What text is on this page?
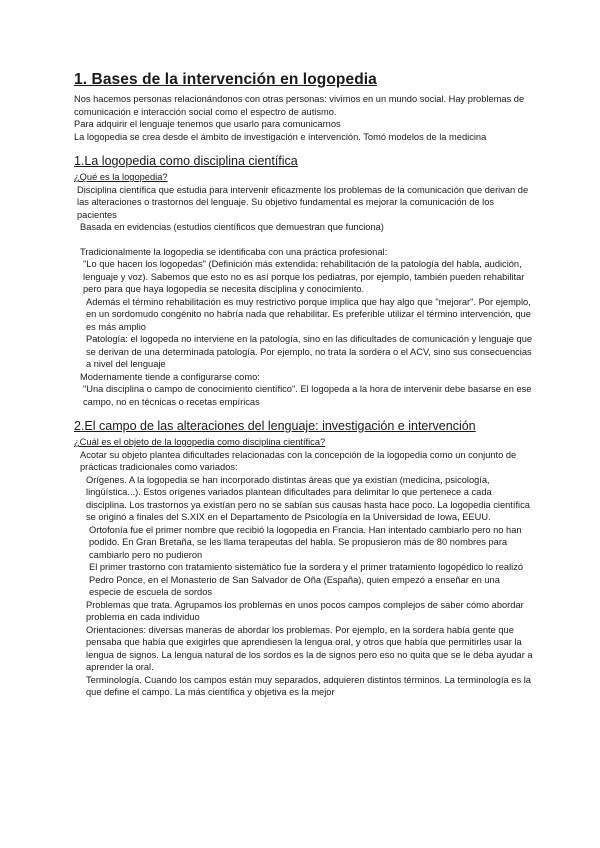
1. Bases de la intervención en logopedia

Nos hacemos personas relacionándonos con otras personas: vivimos en un mundo social. Hay problemas de comunicación e interacción social como el espectro de autismo.

Para adquirir el lenguaje tenemos que usarlo para comunicarnos

La logopedia se crea desde el ámbito de investigación e intervención. Tomó modelos de la medicina

1.La logopedia como disciplina científica

¿Qué es la logopedia?

Disciplina científica que estudia para intervenir eficazmente los problemas de la comunicación que derivan de las alteraciones o trastornos del lenguaje. Su objetivo fundamental es mejorar la comunicación de los pacientes

Basada en evidencias (estudios científicos que demuestran que funciona)

Tradicionalmente la logopedia se identificaba con una práctica profesional:

"Lo que hacen los logopedas" (Definición más extendida: rehabilitación de la patología del habla, audición, lenguaje y voz). Sabemos que esto no es así porque los pediatras, por ejemplo, también pueden rehabilitar pero para que haya logopedia se necesita disciplina y conocimiento.

Además el término rehabilitación es muy restrictivo porque implica que hay algo que "mejorar". Por ejemplo, en un sordomudo congénito no habría nada que rehabilitar. Es preferible utilizar el término intervención, que es más amplio

Patología: el logopeda no interviene en la patología, sino en las dificultades de comunicación y lenguaje que se derivan de una determinada patología. Por ejemplo, no trata la sordera o el ACV, sino sus consecuencias a nivel del lenguaje

Modernamente tiende a configurarse como:

"Una disciplina o campo de conocimiento científico". El logopeda a la hora de intervenir debe basarse en ese campo, no en técnicas o recetas empíricas

2.El campo de las alteraciones del lenguaje: investigación e intervención

¿Cuál es el objeto de la logopedia como disciplina científica?

Acotar su objeto plantea dificultades relacionadas con la concepción de la logopedia como un conjunto de prácticas tradicionales como variados:

Orígenes. A la logopedia se han incorporado distintas áreas que ya existían (medicina, psicología, lingüística...). Estos orígenes variados plantean dificultades para delimitar lo que pertenece a cada disciplina. Los trastornos ya existían pero no se sabían sus causas hasta hace poco. La logopedia científica se originó a finales del S.XIX en el Departamento de Psicología en la Universidad de Iowa, EEUU.

Ortofonía fue el primer nombre que recibió la logopedia en Francia. Han intentado cambiarlo pero no han podido. En Gran Bretaña, se les llama terapeutas del habla. Se propusieron más de 80 nombres para cambiarlo pero no pudieron

El primer trastorno con tratamiento sistemático fue la sordera y el primer tratamiento logopédico lo realizó Pedro Ponce, en el Monasterio de San Salvador de Oña (España), quien empezó a enseñar en una especie de escuela de sordos

Problemas que trata. Agrupamos los problemas en unos pocos campos complejos de saber cómo abordar problema en cada individuo

Orientaciones: diversas maneras de abordar los problemas. Por ejemplo, en la sordera había gente que pensaba que había que exigirles que aprendiesen la lengua oral, y otros que había que permitirles usar la lengua de signos. La lengua natural de los sordos es la de signos pero eso no quita que se le deba ayudar a aprender la oral.

Terminología. Cuando los campos están muy separados, adquieren distintos términos. La terminología es la que define el campo. La más científica y objetiva es la mejor
